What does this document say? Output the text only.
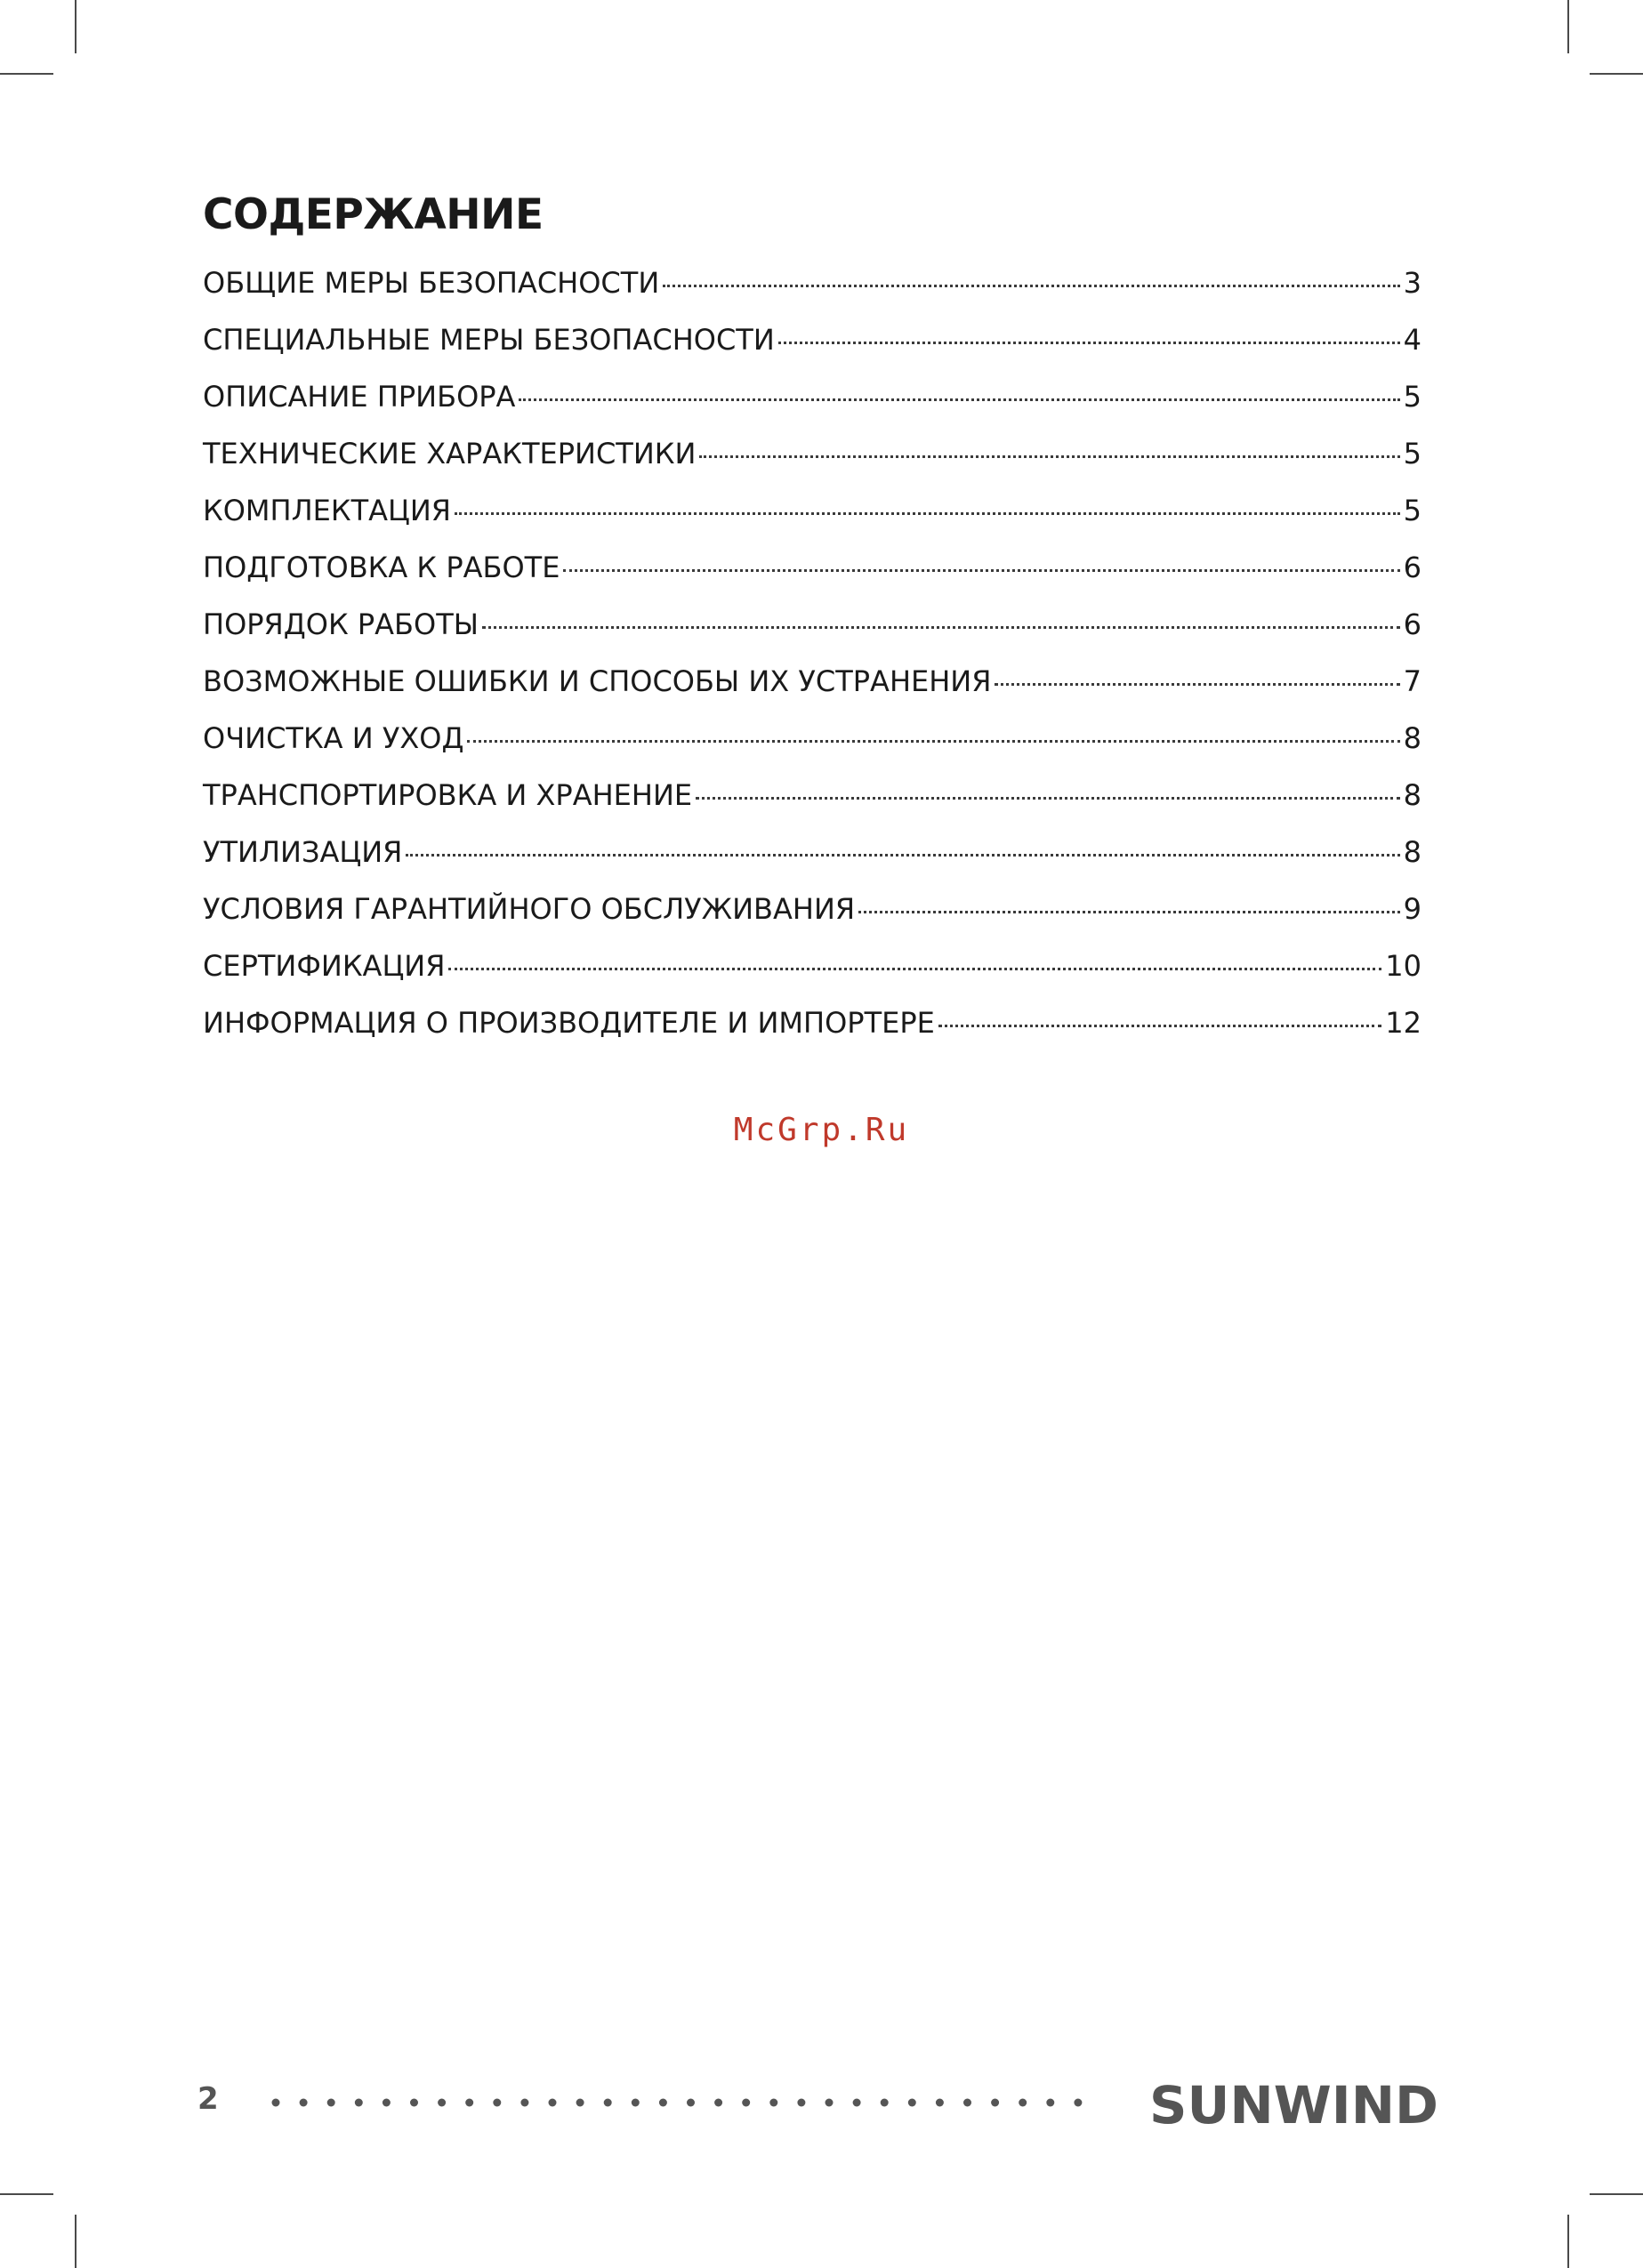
СОДЕРЖАНИЕ
ОБЩИЕ МЕРЫ БЕЗОПАСНОСТИ	3
СПЕЦИАЛЬНЫЕ МЕРЫ БЕЗОПАСНОСТИ	4
ОПИСАНИЕ ПРИБОРА	5
ТЕХНИЧЕСКИЕ ХАРАКТЕРИСТИКИ	5
КОМПЛЕКТАЦИЯ	5
ПОДГОТОВКА К РАБОТЕ	6
ПОРЯДОК РАБОТЫ	6
ВОЗМОЖНЫЕ ОШИБКИ И СПОСОБЫ ИХ УСТРАНЕНИЯ	7
ОЧИСТКА И УХОД	8
ТРАНСПОРТИРОВКА И ХРАНЕНИЕ	8
УТИЛИЗАЦИЯ	8
УСЛОВИЯ ГАРАНТИЙНОГО ОБСЛУЖИВАНИЯ	9
СЕРТИФИКАЦИЯ	10
ИНФОРМАЦИЯ О ПРОИЗВОДИТЕЛЕ И ИМПОРТЕРЕ	12
McGrp.Ru
2	SUNWIND
